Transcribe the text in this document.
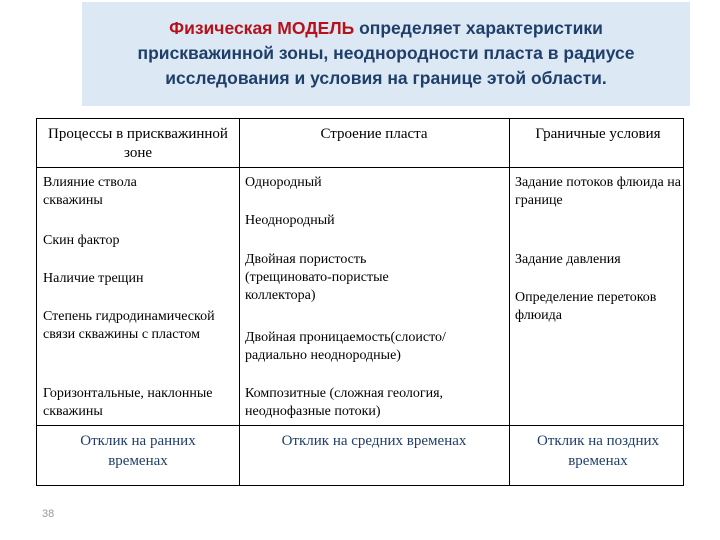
Физическая МОДЕЛЬ определяет характеристики

прискважинной зоны, неоднородности пласта в радиусе

исследования и условия на границе этой области.

Процессы в прискважинной зоне
Строение пласта	Граничные условия
Влияние ствола скважины
Скин фактор
Наличие трещин
Степень гидродинамической связи скважины с пластом
Горизонтальные, наклонные скважины
Однородный
Неоднородный
Двойная пористость (трещиновато-пористые коллектора)
Двойная проницаемость(слоисто/ радиально неоднородные)
Композитные (сложная геология, неоднофазные потоки)
Задание потоков флюида на границе
Задание давления
Определение перетоков флюида
Отклик на ранних временах
Отклик на средних временах	Отклик на поздних временах
38
